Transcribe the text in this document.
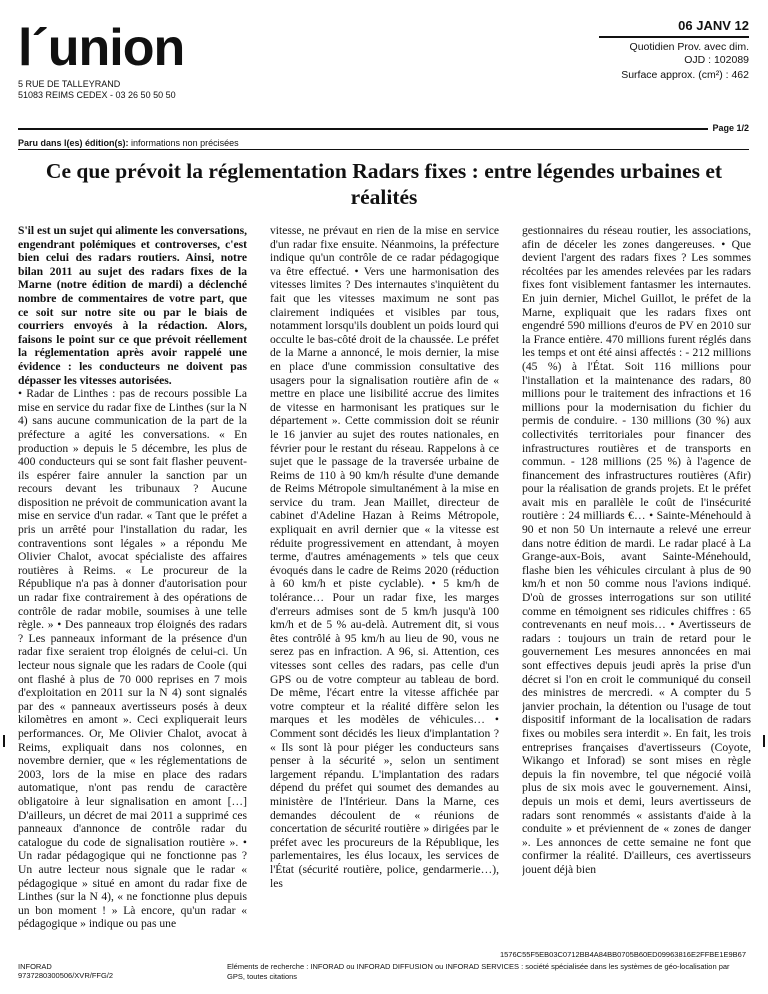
l´union	06 JANV 12
Quotidien Prov. avec dim.
OJD : 102089
Surface approx. (cm²) : 462
5 RUE DE TALLEYRAND
51083 REIMS CEDEX - 03 26 50 50 50
Page 1/2
Paru dans l(es) édition(s): informations non précisées
Ce que prévoit la réglementation Radars fixes : entre légendes urbaines et réalités

S'il est un sujet qui alimente les conversations, engendrant polémiques et controverses, c'est bien celui des radars routiers. Ainsi, notre bilan 2011 au sujet des radars fixes de la Marne (notre édition de mardi) a déclenché nombre de commentaires de votre part, que ce soit sur notre site ou par le biais de courriers envoyés à la rédaction. Alors, faisons le point sur ce que prévoit réellement la réglementation après avoir rappelé une évidence : les conducteurs ne doivent pas dépasser les vitesses autorisées.

• Radar de Linthes : pas de recours possible La mise en service du radar fixe de Linthes (sur la N 4) sans aucune communication de la part de la préfecture a agité les conversations. « En production » depuis le 5 décembre, les plus de 400 conducteurs qui se sont fait flasher peuvent-ils espérer faire annuler la sanction par un recours devant les tribunaux ? Aucune disposition ne prévoit de communication avant la mise en service d'un radar. « Tant que le préfet a pris un arrêté pour l'installation du radar, les contraventions sont légales » a répondu Me Olivier Chalot, avocat spécialiste des affaires routières à Reims. « Le procureur de la République n'a pas à donner d'autorisation pour un radar fixe contrairement à des opérations de contrôle de radar mobile, soumises à une telle règle. » • Des panneaux trop éloignés des radars ? Les panneaux informant de la présence d'un radar fixe seraient trop éloignés de celui-ci. Un lecteur nous signale que les radars de Coole (qui ont flashé à plus de 70 000 reprises en 7 mois d'exploitation en 2011 sur la N 4) sont signalés par des « panneaux avertisseurs posés à deux kilomètres en amont ». Ceci expliquerait leurs performances. Or, Me Olivier Chalot, avocat à Reims, expliquait dans nos colonnes, en novembre dernier, que « les réglementations de 2003, lors de la mise en place des radars automatique, n'ont pas rendu de caractère obligatoire à leur signalisation en amont […] D'ailleurs, un décret de mai 2011 a supprimé ces panneaux d'annonce de contrôle radar du catalogue du code de signalisation routière ». • Un radar pédagogique qui ne fonctionne pas ? Un autre lecteur nous signale que le radar « pédagogique » situé en amont du radar fixe de Linthes (sur la N 4), « ne fonctionne plus depuis un bon moment ! » Là encore, qu'un radar « pédagogique » indique ou pas une

vitesse, ne prévaut en rien de la mise en service d'un radar fixe ensuite. Néanmoins, la préfecture indique qu'un contrôle de ce radar pédagogique va être effectué. • Vers une harmonisation des vitesses limites ? Des internautes s'inquiètent du fait que les vitesses maximum ne sont pas clairement indiquées et visibles par tous, notamment lorsqu'ils doublent un poids lourd qui occulte le bas-côté droit de la chaussée. Le préfet de la Marne a annoncé, le mois dernier, la mise en place d'une commission consultative des usagers pour la signalisation routière afin de « mettre en place une lisibilité accrue des limites de vitesse en harmonisant les pratiques sur le département ». Cette commission doit se réunir le 16 janvier au sujet des routes nationales, en février pour le restant du réseau. Rappelons à ce sujet que le passage de la traversée urbaine de Reims de 110 à 90 km/h résulte d'une demande de Reims Métropole simultanément à la mise en service du tram. Jean Maillet, directeur de cabinet d'Adeline Hazan à Reims Métropole, expliquait en avril dernier que « la vitesse est réduite progressivement en attendant, à moyen terme, d'autres aménagements » tels que ceux évoqués dans le cadre de Reims 2020 (réduction à 60 km/h et piste cyclable). • 5 km/h de tolérance… Pour un radar fixe, les marges d'erreurs admises sont de 5 km/h jusqu'à 100 km/h et de 5 % au-delà. Autrement dit, si vous êtes contrôlé à 95 km/h au lieu de 90, vous ne serez pas en infraction. A 96, si. Attention, ces vitesses sont celles des radars, pas celle d'un GPS ou de votre compteur au tableau de bord. De même, l'écart entre la vitesse affichée par votre compteur et la réalité diffère selon les marques et les modèles de véhicules… • Comment sont décidés les lieux d'implantation ? « Ils sont là pour piéger les conducteurs sans penser à la sécurité », selon un sentiment largement répandu. L'implantation des radars dépend du préfet qui soumet des demandes au ministère de l'Intérieur. Dans la Marne, ces demandes découlent de « réunions de concertation de sécurité routière » dirigées par le préfet avec les procureurs de la République, les parlementaires, les élus locaux, les services de l'État (sécurité routière, police, gendarmerie…), les

gestionnaires du réseau routier, les associations, afin de déceler les zones dangereuses. • Que devient l'argent des radars fixes ? Les sommes récoltées par les amendes relevées par les radars fixes font visiblement fantasmer les internautes. En juin dernier, Michel Guillot, le préfet de la Marne, expliquait que les radars fixes ont engendré 590 millions d'euros de PV en 2010 sur la France entière. 470 millions furent réglés dans les temps et ont été ainsi affectés : - 212 millions (45 %) à l'État. Soit 116 millions pour l'installation et la maintenance des radars, 80 millions pour le traitement des infractions et 16 millions pour la modernisation du fichier du permis de conduire. - 130 millions (30 %) aux collectivités territoriales pour financer des infrastructures routières et de transports en commun. - 128 millions (25 %) à l'agence de financement des infrastructures routières (Afir) pour la réalisation de grands projets. Et le préfet avait mis en parallèle le coût de l'insécurité routière : 24 milliards €… • Sainte-Ménehould à 90 et non 50 Un internaute a relevé une erreur dans notre édition de mardi. Le radar placé à La Grange-aux-Bois, avant Sainte-Ménehould, flashe bien les véhicules circulant à plus de 90 km/h et non 50 comme nous l'avions indiqué. D'où de grosses interrogations sur son utilité comme en témoignent ses ridicules chiffres : 65 contrevenants en neuf mois… • Avertisseurs de radars : toujours un train de retard pour le gouvernement Les mesures annoncées en mai sont effectives depuis jeudi après la prise d'un décret si l'on en croit le communiqué du conseil des ministres de mercredi. « A compter du 5 janvier prochain, la détention ou l'usage de tout dispositif informant de la localisation de radars fixes ou mobiles sera interdit ». En fait, les trois entreprises françaises d'avertisseurs (Coyote, Wikango et Inforad) se sont mises en règle depuis la fin novembre, tel que négocié voilà plus de six mois avec le gouvernement. Ainsi, depuis un mois et demi, leurs avertisseurs de radars sont renommés « assistants d'aide à la conduite » et préviennent de « zones de danger ». Les annonces de cette semaine ne font que confirmer la réalité. D'ailleurs, ces avertisseurs jouent déjà bien

1576C55F5EB03C0712BB4A84BB0705B60ED09963816E2FFBE1E9B67
INFORAD
9737280300506/XVR/FFG/2
Eléments de recherche : INFORAD ou INFORAD DIFFUSION ou INFORAD SERVICES : société spécialisée dans les systèmes de géo-localisation par GPS, toutes citations
